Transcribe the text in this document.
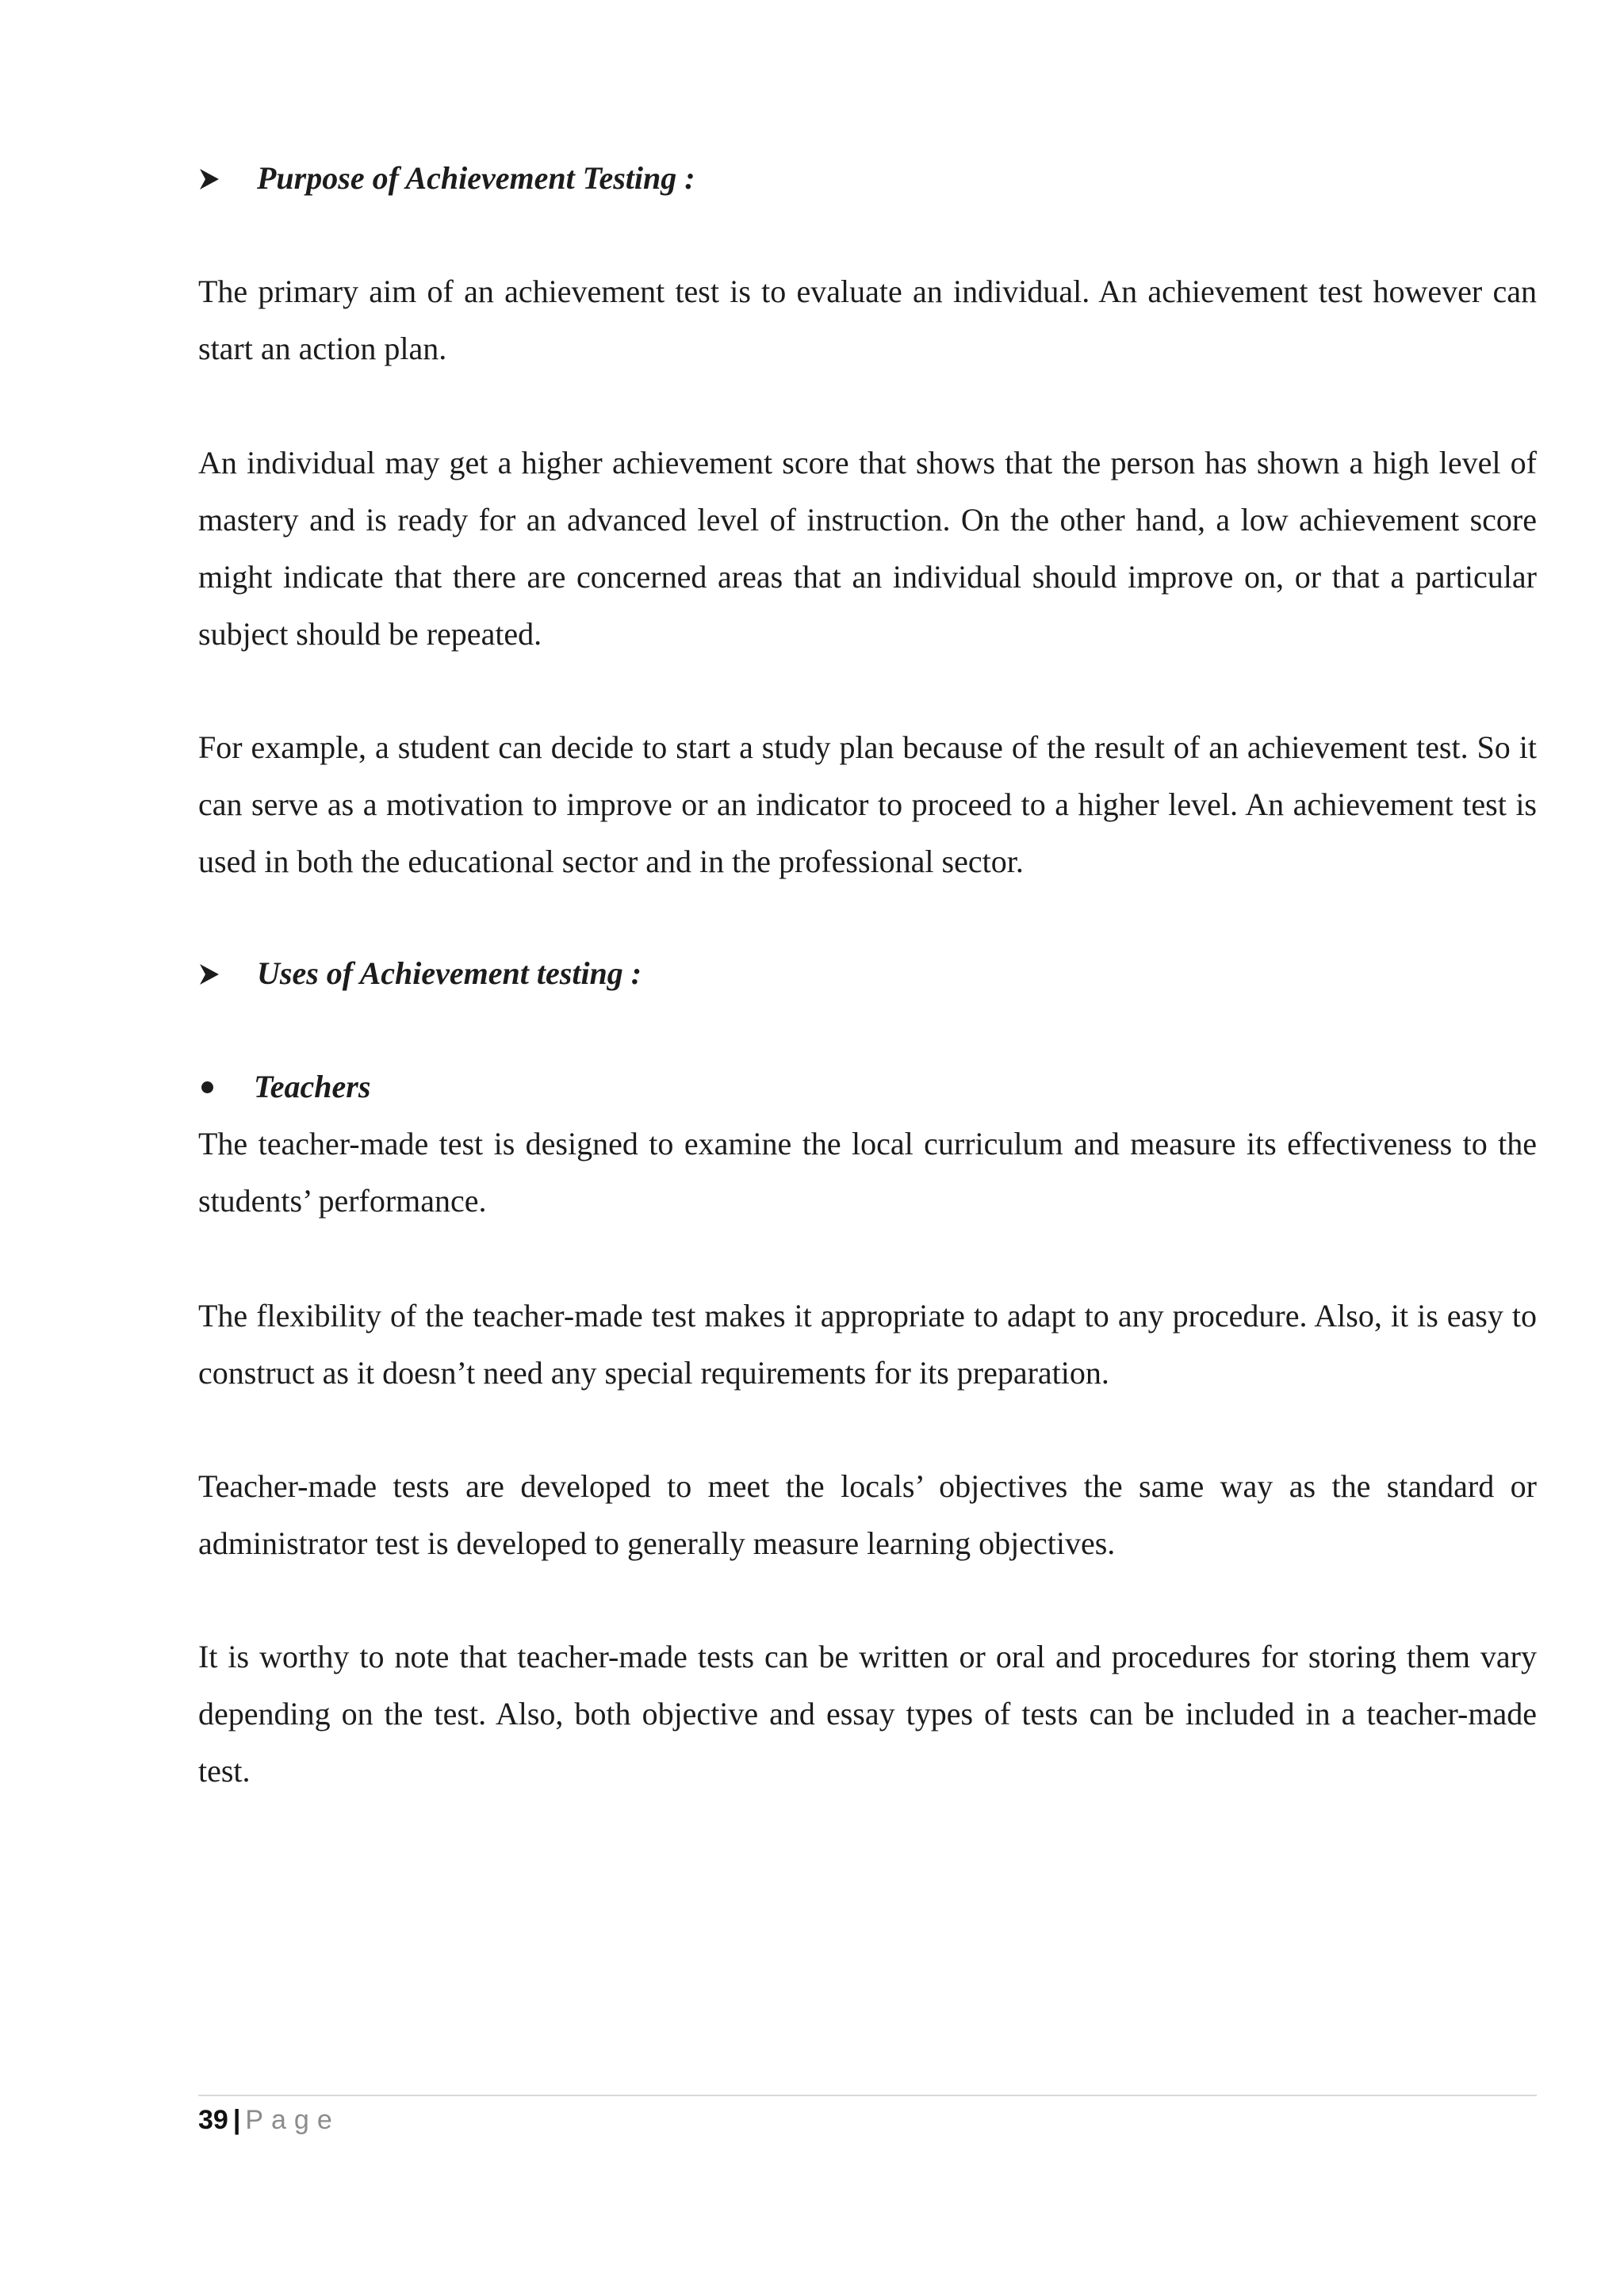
Purpose of Achievement Testing :

The primary aim of an achievement test is to evaluate an individual. An achievement test however can start an action plan.

An individual may get a higher achievement score that shows that the person has shown a high level of mastery and is ready for an advanced level of instruction. On the other hand, a low achievement score might indicate that there are concerned areas that an individual should improve on, or that a particular subject should be repeated.

For example, a student can decide to start a study plan because of the result of an achievement test. So it can serve as a motivation to improve or an indicator to proceed to a higher level. An achievement test is used in both the educational sector and in the professional sector.

Uses of Achievement testing :
Teachers

The teacher-made test is designed to examine the local curriculum and measure its effectiveness to the students’ performance.

The flexibility of the teacher-made test makes it appropriate to adapt to any procedure. Also, it is easy to construct as it doesn’t need any special requirements for its preparation.

Teacher-made tests are developed to meet the locals’ objectives the same way as the standard or administrator test is developed to generally measure learning objectives.

It is worthy to note that teacher-made tests can be written or oral and procedures for storing them vary depending on the test. Also, both objective and essay types of tests can be included in a teacher-made test.

39 | Page
